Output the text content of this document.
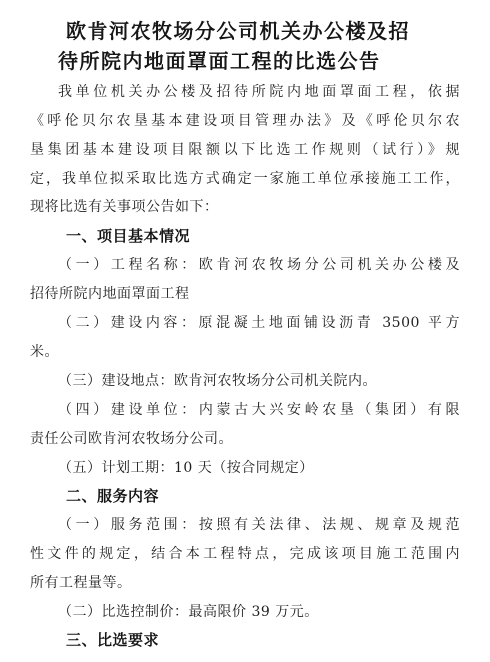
欧肯河农牧场分公司机关办公楼及招
待所院内地面罩面工程的比选公告
我单位机关办公楼及招待所院内地面罩面工程，依据
《呼伦贝尔农垦基本建设项目管理办法》及《呼伦贝尔农
垦集团基本建设项目限额以下比选工作规则（试行）》规
定，我单位拟采取比选方式确定一家施工单位承接施工工作，
现将比选有关事项公告如下：
一、项目基本情况
（一）工程名称：欧肯河农牧场分公司机关办公楼及
招待所院内地面罩面工程
（二）建设内容：原混凝土地面铺设沥青 3500 平方
米。
（三）建设地点：欧肯河农牧场分公司机关院内。
（四）建设单位：内蒙古大兴安岭农垦（集团）有限
责任公司欧肯河农牧场分公司。
（五）计划工期：10 天（按合同规定）
二、服务内容
（一）服务范围：按照有关法律、法规、规章及规范
性文件的规定，结合本工程特点，完成该项目施工范围内
所有工程量等。
（二）比选控制价：最高限价 39 万元。
三、比选要求
